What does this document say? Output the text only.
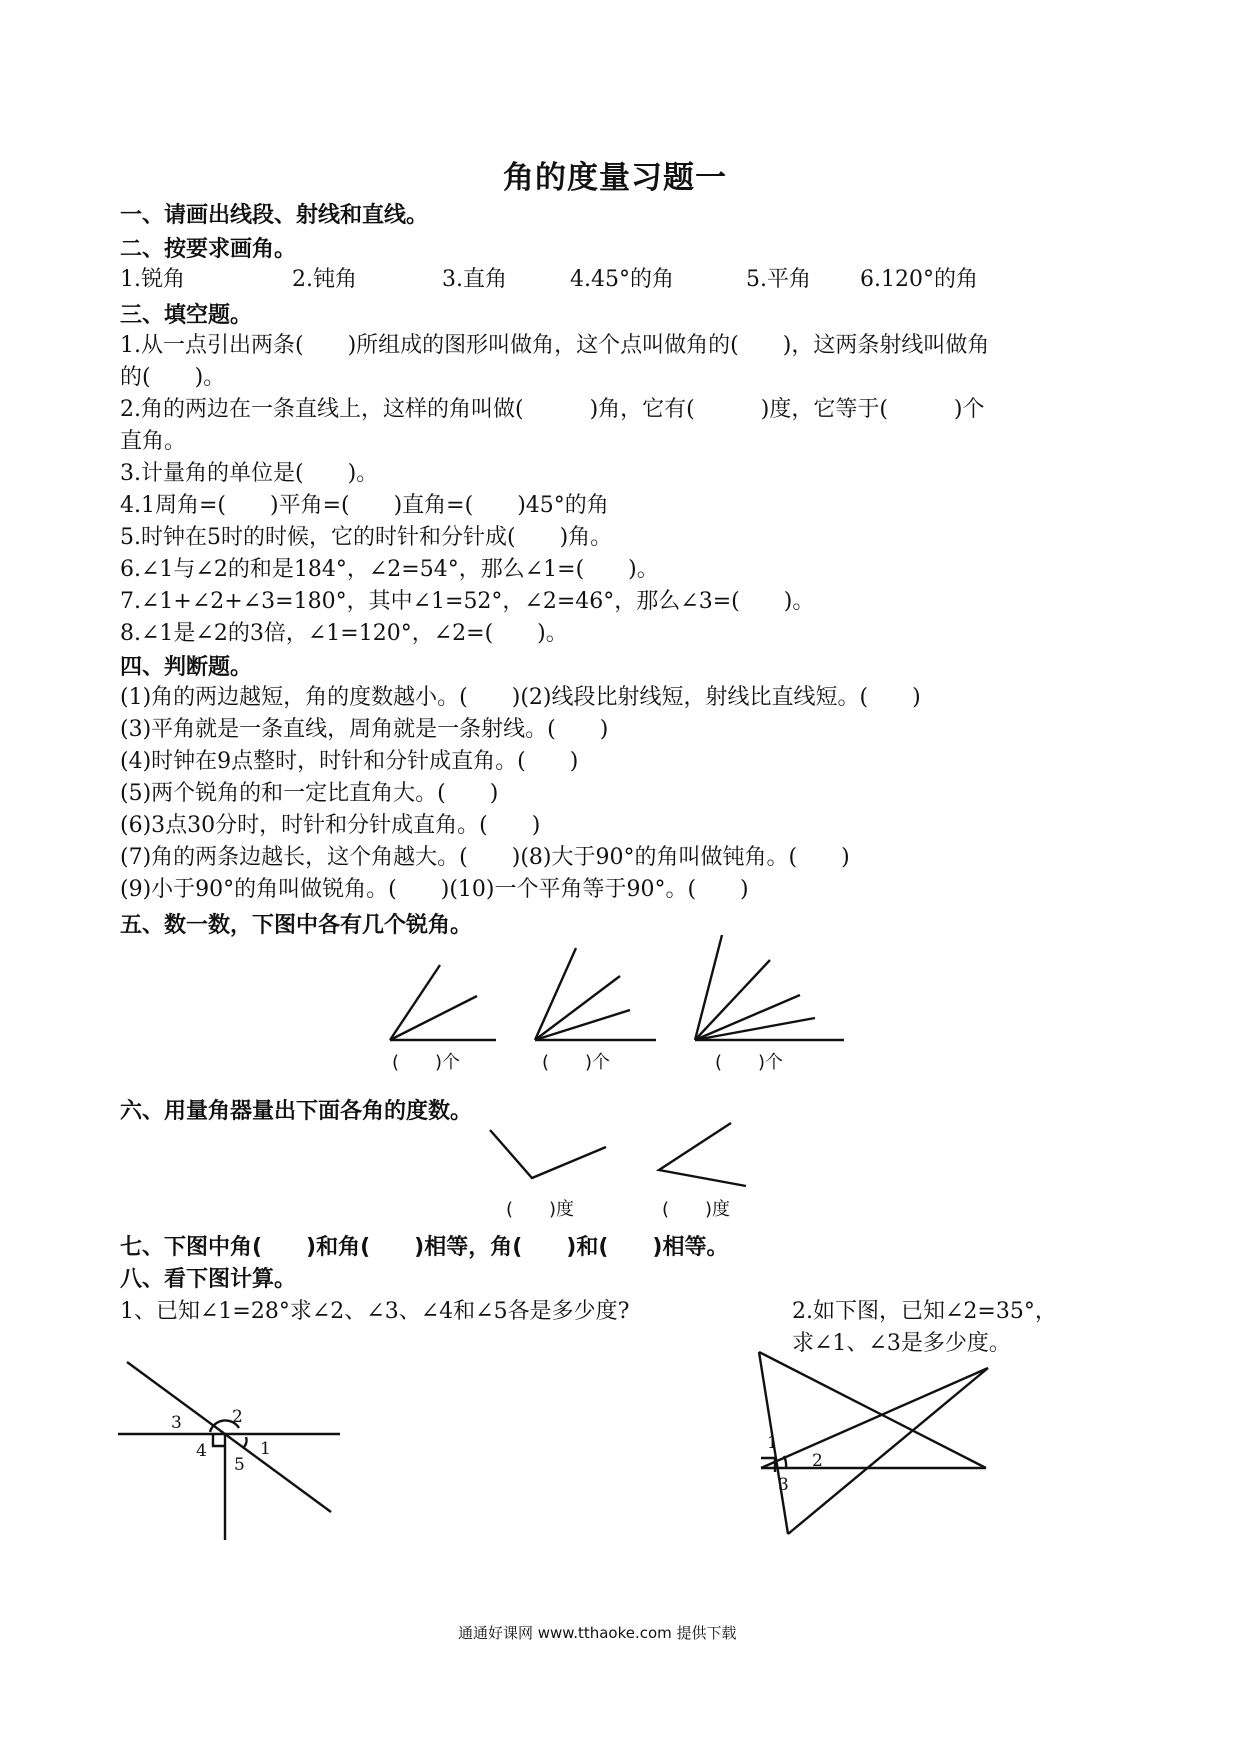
角的度量习题一
一、请画出线段、射线和直线。
二、按要求画角。
1.锐角	2.钝角	3.直角	4.45°的角	5.平角 6.120°的角
三、填空题。
1.从一点引出两条(　　)所组成的图形叫做角，这个点叫做角的(　　)，这两条射线叫做角
的(　　)。
2.角的两边在一条直线上，这样的角叫做(　　　)角，它有(　　　)度，它等于(　　　)个
直角。
3.计量角的单位是(　　)。
4.1周角=(　　)平角=(　　)直角=(　　)45°的角
5.时钟在5时的时候，它的时针和分针成(　　)角。
6.∠1与∠2的和是184°，∠2=54°，那么∠1=(　　)。
7.∠1+∠2+∠3=180°，其中∠1=52°，∠2=46°，那么∠3=(　　)。
8.∠1是∠2的3倍，∠1=120°，∠2=(　　)。
四、判断题。
(1)角的两边越短，角的度数越小。(　　)(2)线段比射线短，射线比直线短。(　　)
(3)平角就是一条直线，周角就是一条射线。(　　)
(4)时钟在9点整时，时针和分针成直角。(　　)
(5)两个锐角的和一定比直角大。(　　)
(6)3点30分时，时针和分针成直角。(　　)
(7)角的两条边越长，这个角越大。(　　)(8)大于90°的角叫做钝角。(　　)
(9)小于90°的角叫做锐角。(　　)(10)一个平角等于90°。(　　)
五、数一数，下图中各有几个锐角。
(　　)个	(　　)个	(　　)个
六、用量角器量出下面各角的度数。
(　　)度	(　　)度
七、下图中角(　　)和角(　　)相等，角(　　)和(　　)相等。
八、看下图计算。
1、已知∠1=28°求∠2、∠3、∠4和∠5各是多少度?	2.如下图，已知∠2=35°，
求∠1、∠3是多少度。
通通好课网 www.tthaoke.com 提供下载
1
2
3
4
5
1
2
3
